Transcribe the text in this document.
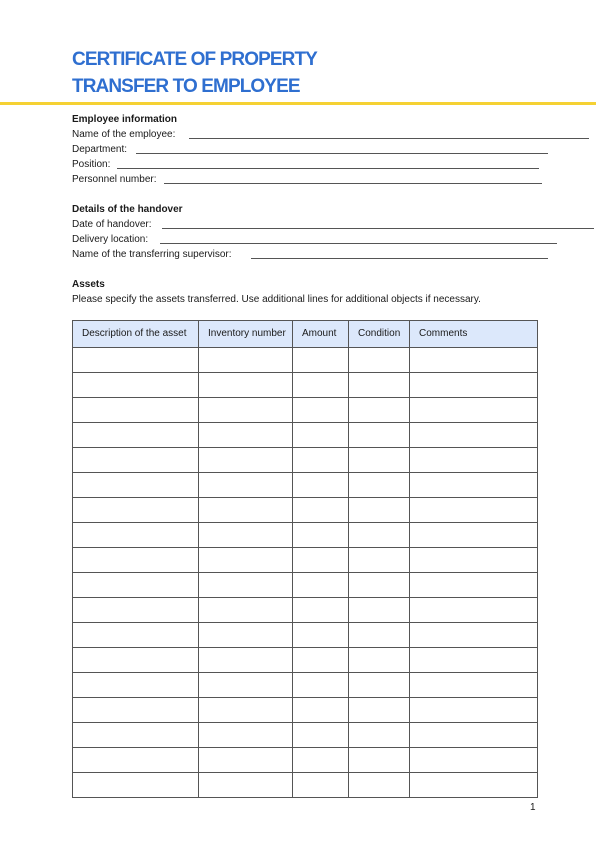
CERTIFICATE OF PROPERTY
TRANSFER TO EMPLOYEE

Employee information

Name of the employee:
Department:
Position:
Personnel number:

Details of the handover

Date of handover:
Delivery location:
Name of the transferring supervisor:

Assets

Please specify the assets transferred. Use additional lines for additional objects if necessary.

Description of the asset	Inventory number	Amount	Condition	Comments

1
